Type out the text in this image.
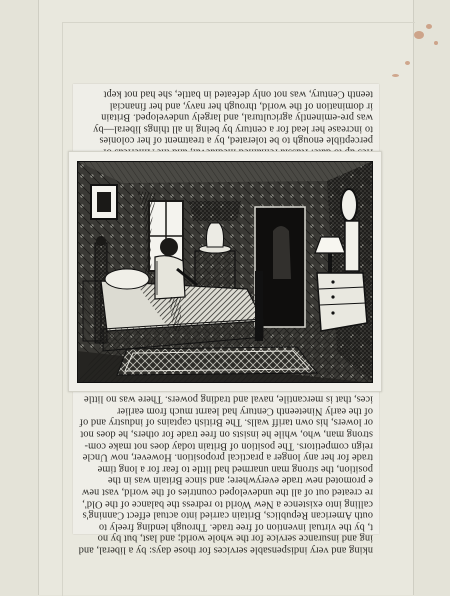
perceptible enough to be tolerated, by a treatment of her colonies
to increase her lead for a century by being in all things liberal—by
was pre-eminently agricultural, and largely undeveloped. Britain
ir domination of the world, through her navy, and her financial
teenth Century, was not only defeated in battle, she had not kept
nking and very indispensable services for those days: by a liberal, and
ing and insurance service for the whole world; and last, but by no
t, by the virtual invention of free trade. Through lending freely to
outh American Republics, Britain carried into actual effect Canning's
calling into existence a New World to redress the balance of the Old',
re created out of all the undeveloped countries of the world, vast new
e promoted new trade everywhere; and since Britain was in the
position, the strong man unarmed had little to fear for a long time
trade for her any longer a practical proposition. However, now Uncle
reign competitors. The position of Britain today does not make com-
strong man, who, while he insists on free trade for others, he does not
or lowers, his own tariff walls. The British captains of industry and of
of the early Nineteenth Century had learnt much from earlier
ices, that is mercantile, naval and trading powers. There was no little
